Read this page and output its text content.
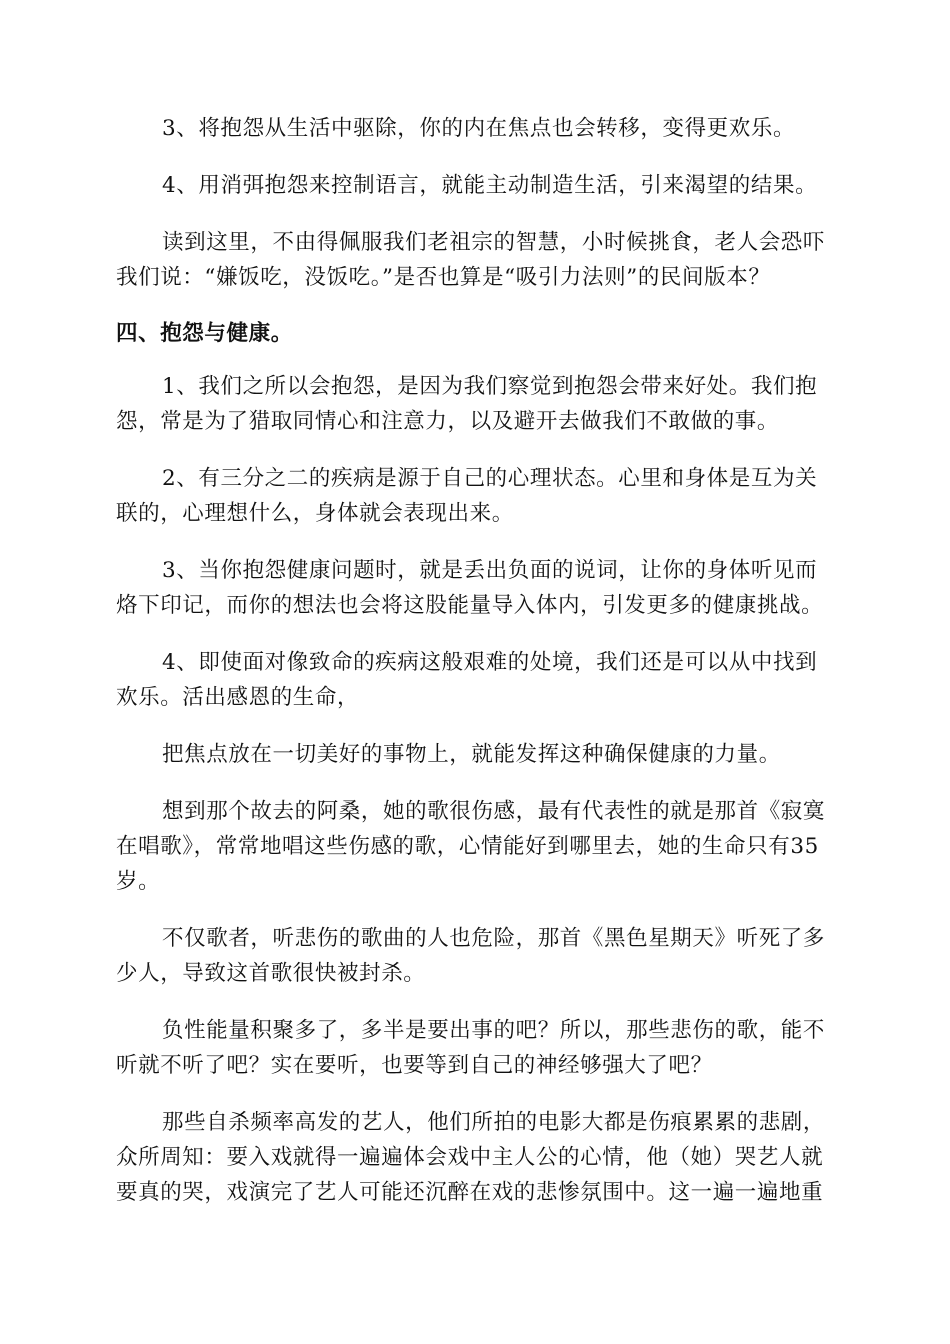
3、将抱怨从生活中驱除，你的内在焦点也会转移，变得更欢乐。
4、用消弭抱怨来控制语言，就能主动制造生活，引来渴望的结果。
读到这里，不由得佩服我们老祖宗的智慧，小时候挑食，老人会恐吓
我们说：“嫌饭吃，没饭吃。”是否也算是“吸引力法则”的民间版本？
四、抱怨与健康。
1、我们之所以会抱怨，是因为我们察觉到抱怨会带来好处。我们抱
怨，常是为了猎取同情心和注意力，以及避开去做我们不敢做的事。
2、有三分之二的疾病是源于自己的心理状态。心里和身体是互为关
联的，心理想什么，身体就会表现出来。
3、当你抱怨健康问题时，就是丢出负面的说词，让你的身体听见而
烙下印记，而你的想法也会将这股能量导入体内，引发更多的健康挑战。
4、即使面对像致命的疾病这般艰难的处境，我们还是可以从中找到
欢乐。活出感恩的生命，
把焦点放在一切美好的事物上，就能发挥这种确保健康的力量。
想到那个故去的阿桑，她的歌很伤感，最有代表性的就是那首《寂寞
在唱歌》，常常地唱这些伤感的歌，心情能好到哪里去，她的生命只有35
岁。
不仅歌者，听悲伤的歌曲的人也危险，那首《黑色星期天》听死了多
少人，导致这首歌很快被封杀。
负性能量积聚多了，多半是要出事的吧？所以，那些悲伤的歌，能不
听就不听了吧？实在要听，也要等到自己的神经够强大了吧？
那些自杀频率高发的艺人，他们所拍的电影大都是伤痕累累的悲剧，
众所周知：要入戏就得一遍遍体会戏中主人公的心情，他（她）哭艺人就
要真的哭，戏演完了艺人可能还沉醉在戏的悲惨氛围中。这一遍一遍地重
